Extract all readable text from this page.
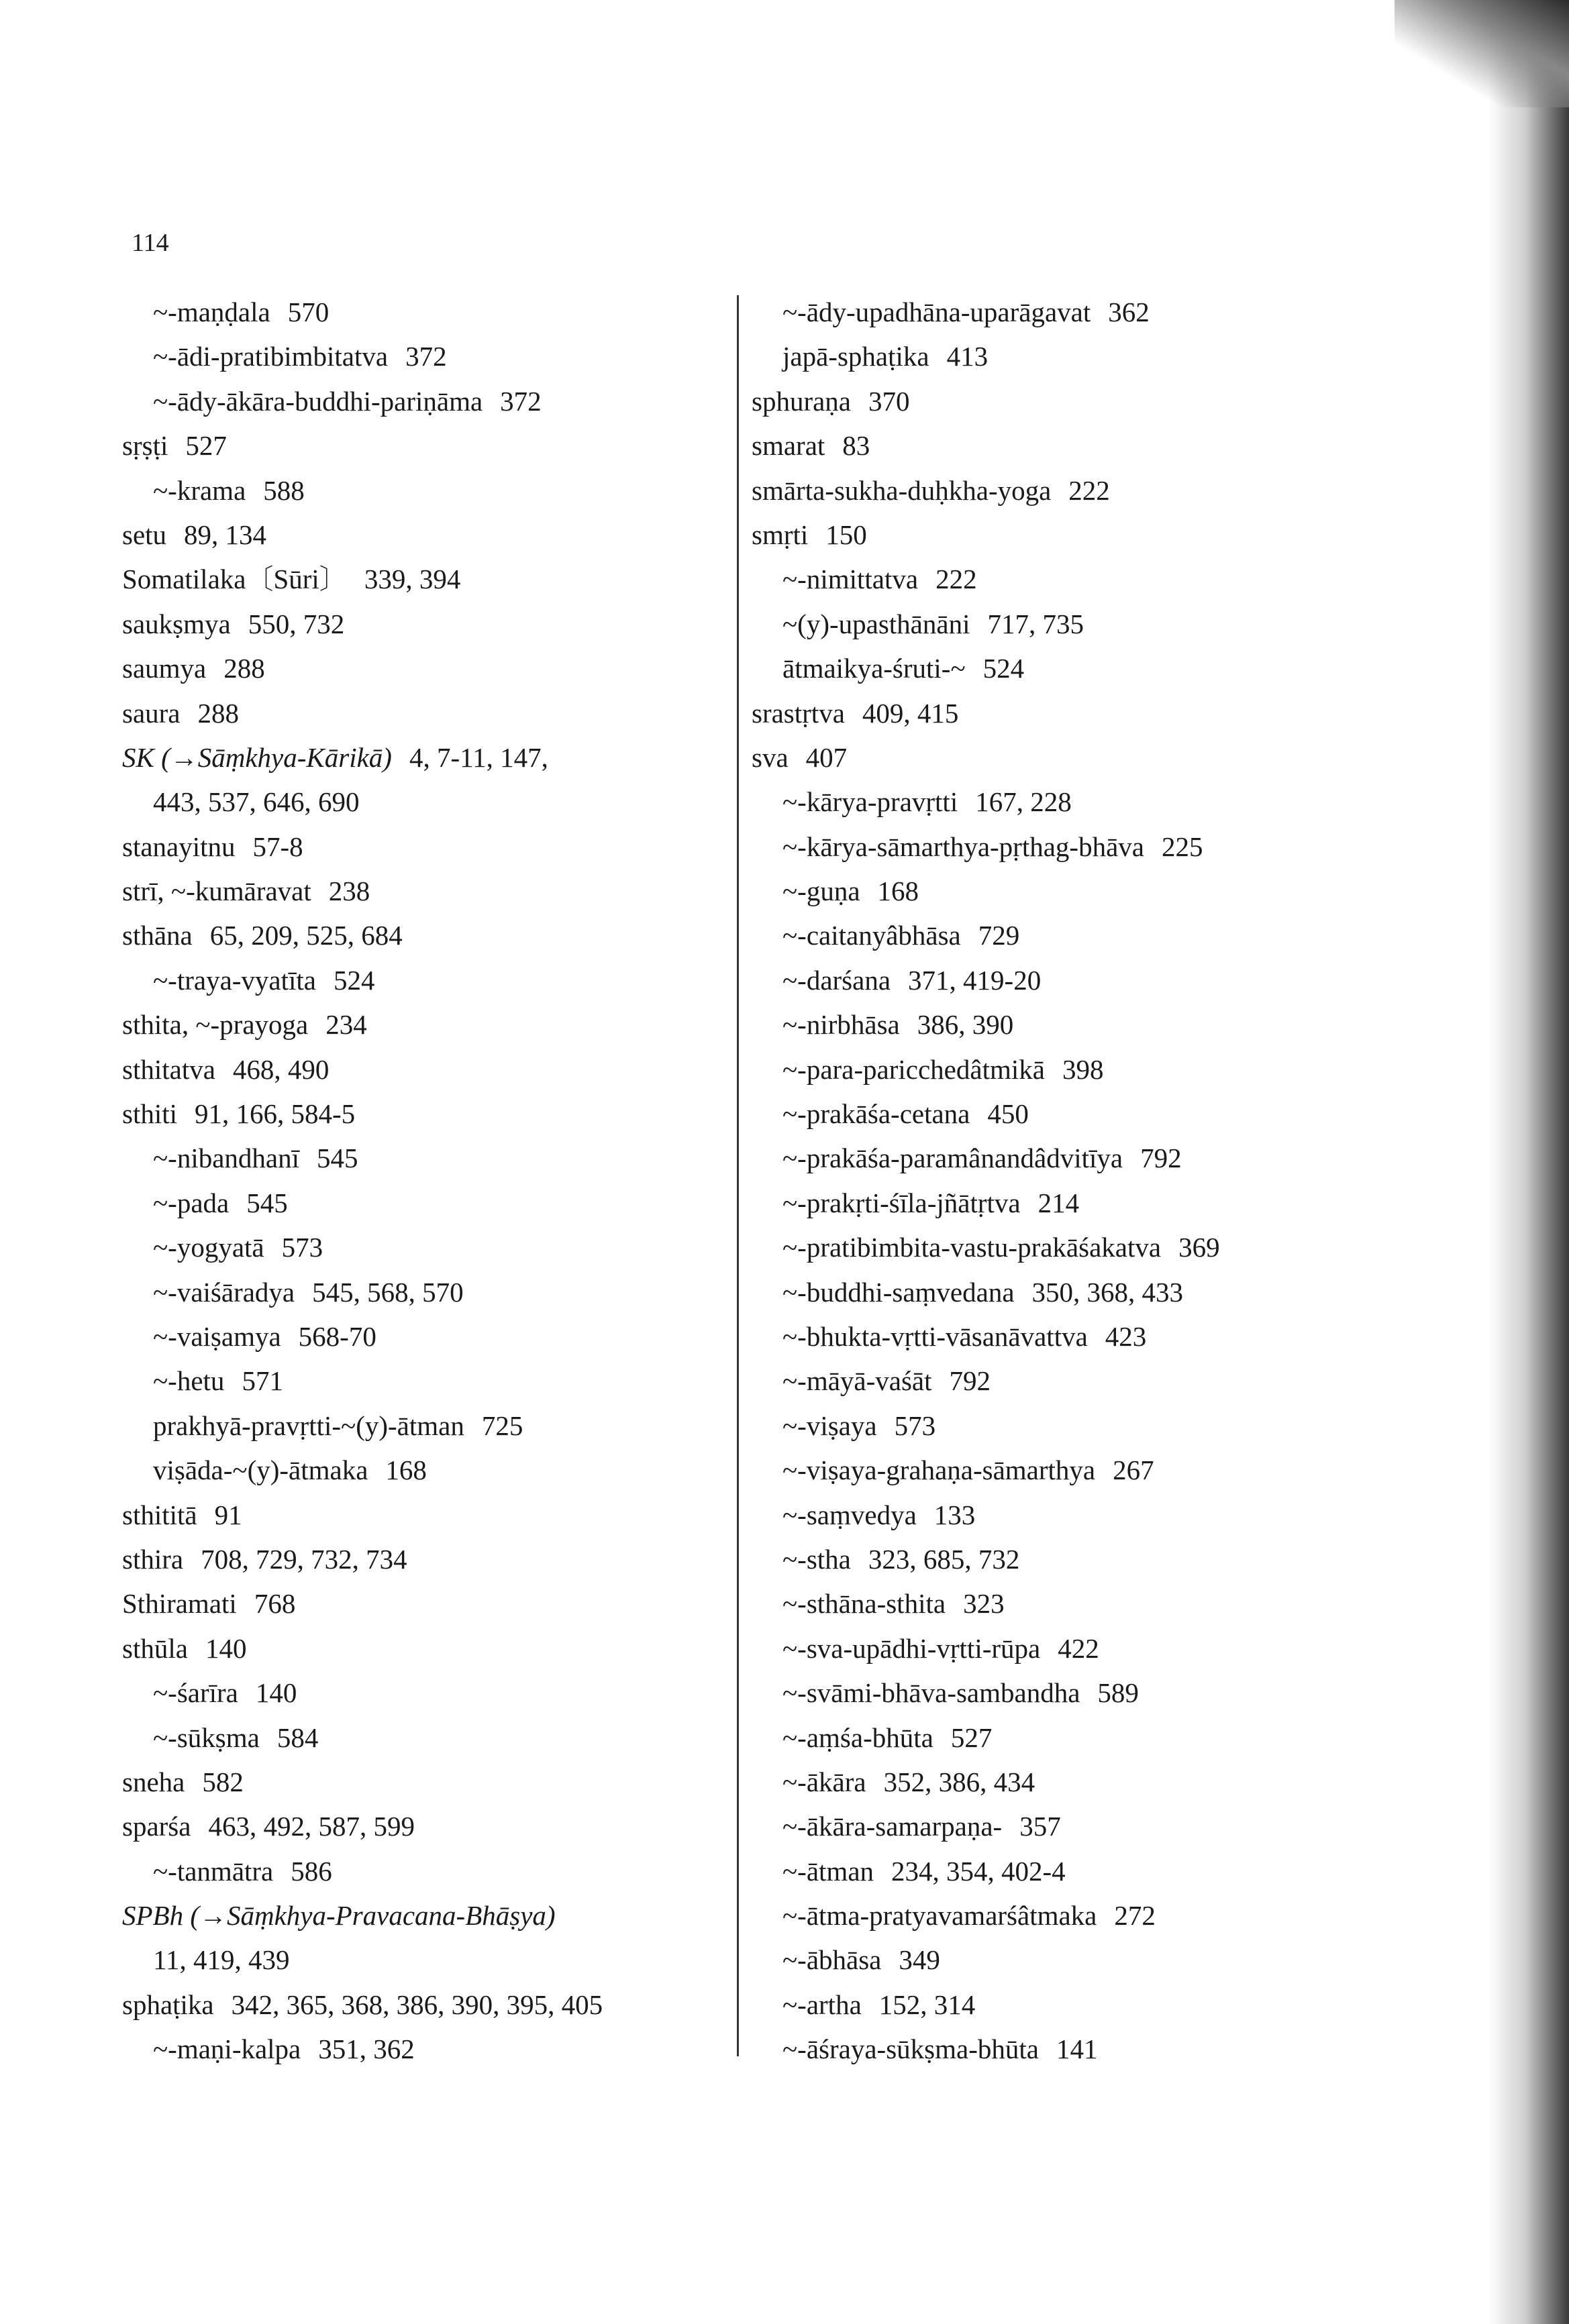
114
~-maṇḍala 570
~-ādi-pratibimbitatva 372
~-ādy-ākāra-buddhi-pariṇāma 372
sṛṣṭi 527
~-krama 588
setu 89, 134
Somatilaka〔Sūri〕 339, 394
saukṣmya 550, 732
saumya 288
saura 288
SK (→Sāṃkhya-Kārikā) 4, 7-11, 147,
443, 537, 646, 690
stanayitnu 57-8
strī, ~-kumāravat 238
sthāna 65, 209, 525, 684
~-traya-vyatīta 524
sthita, ~-prayoga 234
sthitatva 468, 490
sthiti 91, 166, 584-5
~-nibandhanī 545
~-pada 545
~-yogyatā 573
~-vaiśāradya 545, 568, 570
~-vaiṣamya 568-70
~-hetu 571
prakhyā-pravṛtti-~(y)-ātman 725
viṣāda-~(y)-ātmaka 168
sthititā 91
sthira 708, 729, 732, 734
Sthiramati 768
sthūla 140
~-śarīra 140
~-sūkṣma 584
sneha 582
sparśa 463, 492, 587, 599
~-tanmātra 586
SPBh (→Sāṃkhya-Pravacana-Bhāṣya)
11, 419, 439
sphaṭika 342, 365, 368, 386, 390, 395, 405
~-maṇi-kalpa 351, 362
~-ādy-upadhāna-uparāgavat 362
japā-sphaṭika 413
sphuraṇa 370
smarat 83
smārta-sukha-duḥkha-yoga 222
smṛti 150
~-nimittatva 222
~(y)-upasthānāni 717, 735
ātmaikya-śruti-~ 524
srastṛtva 409, 415
sva 407
~-kārya-pravṛtti 167, 228
~-kārya-sāmarthya-pṛthag-bhāva 225
~-guṇa 168
~-caitanyâbhāsa 729
~-darśana 371, 419-20
~-nirbhāsa 386, 390
~-para-paricchedâtmikā 398
~-prakāśa-cetana 450
~-prakāśa-paramânandâdvitīya 792
~-prakṛti-śīla-jñātṛtva 214
~-pratibimbita-vastu-prakāśakatva 369
~-buddhi-saṃvedana 350, 368, 433
~-bhukta-vṛtti-vāsanāvattva 423
~-māyā-vaśāt 792
~-viṣaya 573
~-viṣaya-grahaṇa-sāmarthya 267
~-saṃvedya 133
~-stha 323, 685, 732
~-sthāna-sthita 323
~-sva-upādhi-vṛtti-rūpa 422
~-svāmi-bhāva-sambandha 589
~-aṃśa-bhūta 527
~-ākāra 352, 386, 434
~-ākāra-samarpaṇa- 357
~-ātman 234, 354, 402-4
~-ātma-pratyavamarśâtmaka 272
~-ābhāsa 349
~-artha 152, 314
~-āśraya-sūkṣma-bhūta 141
